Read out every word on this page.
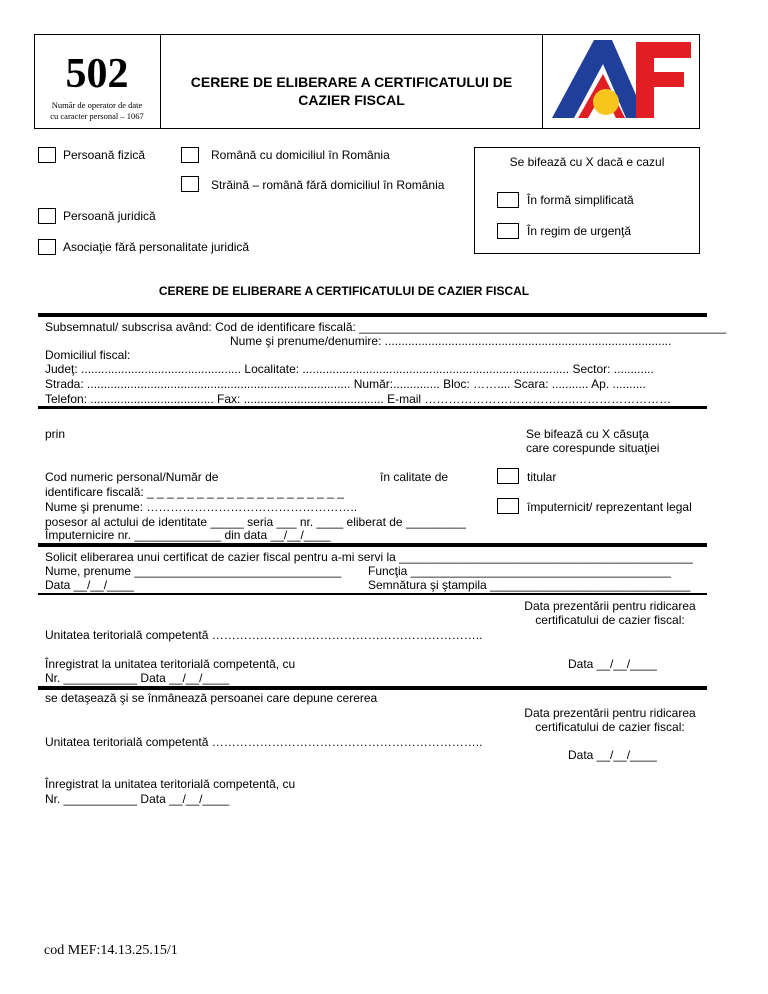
502
Număr de operator de date
cu caracter personal – 1067
CERERE DE ELIBERARE A CERTIFICATULUI DE
CAZIER FISCAL
Persoană fizică	Română cu domiciliul în România
Străină – română fără domiciliul în România
Persoană juridică
Asociaţie fără personalitate juridică
Se bifează cu X dacă e cazul
În formă simplificată
În regim de urgenţă
CERERE DE ELIBERARE A CERTIFICATULUI DE CAZIER FISCAL
Subsemnatul/ subscrisa având: Cod de identificare fiscală: _______________________________________________________
Nume şi prenume/denumire: ......................................................................................
Domiciliul fiscal:
Judeţ: ................................................ Localitate: ................................................................................ Sector: ............
Strada: ............................................................................... Număr:.............. Bloc: …….... Scara: ........... Ap. ..........
Telefon: ..................................... Fax: .......................................... E-mail ………………………………..……………………
prin	Se bifează cu X căsuţa
care corespunde situaţiei
Cod numeric personal/Număr de	în calitate de	titular
identificare fiscală: _ _ _ _ _ _ _ _ _ _ _ _ _ _ _ _ _ _ _ _
Nume şi prenume: ……………………………………………..	împuternicit/ reprezentant legal
posesor al actului de identitate _____ seria ___ nr. ____ eliberat de _________
Împuternicire nr. _____________ din data __/__/____
Solicit eliberarea unui certificat de cazier fiscal pentru a-mi servi la ____________________________________________
Nume, prenume _______________________________ Funcţia _______________________________________
Data __/__/____	Semnătura şi ştampila ______________________________
Data prezentării pentru ridicarea
certificatului de cazier fiscal:
Unitatea teritorială competentă …………………………………………………………..
Înregistrat la unitatea teritorială competentă, cu	Data __/__/____
Nr. ___________ Data __/__/____
se detaşează şi se înmânează persoanei care depune cererea
Data prezentării pentru ridicarea
certificatului de cazier fiscal:
Unitatea teritorială competentă …………………………………………………………..
Data __/__/____
Înregistrat la unitatea teritorială competentă, cu
Nr. ___________ Data __/__/____
cod MEF:14.13.25.15/1
